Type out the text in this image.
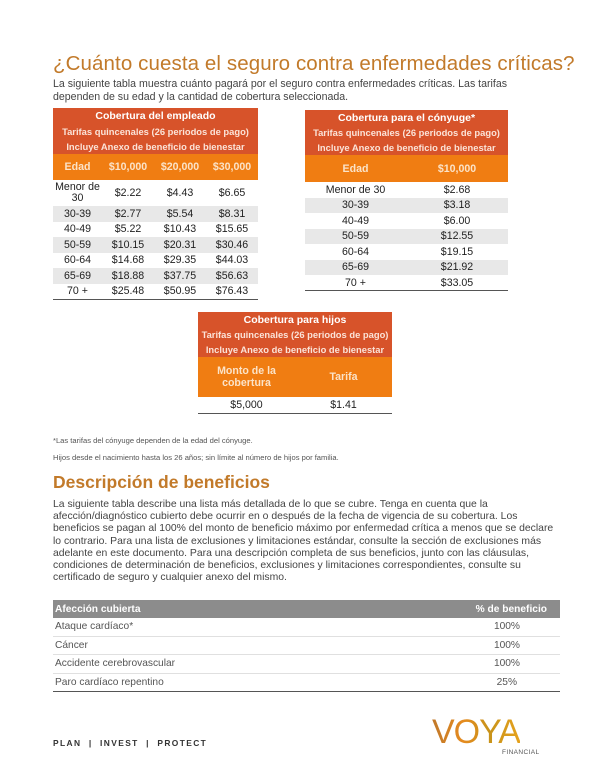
¿Cuánto cuesta el seguro contra enfermedades críticas?

La siguiente tabla muestra cuánto pagará por el seguro contra enfermedades críticas. Las tarifas dependen de su edad y la cantidad de cobertura seleccionada.

Cobertura del empleado
Tarifas quincenales (26 periodos de pago)
Incluye Anexo de beneficio de bienestar
Edad	$10,000	$20,000	$30,000
Menor de 30	$2.22	$4.43	$6.65
30-39	$2.77	$5.54	$8.31
40-49	$5.22	$10.43	$15.65
50-59	$10.15	$20.31	$30.46
60-64	$14.68	$29.35	$44.03
65-69	$18.88	$37.75	$56.63
70 +	$25.48	$50.95	$76.43
Cobertura para el cónyuge*
Tarifas quincenales (26 periodos de pago)
Incluye Anexo de beneficio de bienestar
Edad	$10,000
Menor de 30	$2.68
30-39	$3.18
40-49	$6.00
50-59	$12.55
60-64	$19.15
65-69	$21.92
70 +	$33.05
Cobertura para hijos
Tarifas quincenales (26 periodos de pago)
Incluye Anexo de beneficio de bienestar
Monto de la cobertura	Tarifa
$5,000	$1.41

*Las tarifas del cónyuge dependen de la edad del cónyuge.

Hijos desde el nacimiento hasta los 26 años; sin límite al número de hijos por familia.

Descripción de beneficios

La siguiente tabla describe una lista más detallada de lo que se cubre. Tenga en cuenta que la afección/diagnóstico cubierto debe ocurrir en o después de la fecha de vigencia de su cobertura. Los beneficios se pagan al 100% del monto de beneficio máximo por enfermedad crítica a menos que se declare lo contrario. Para una lista de exclusiones y limitaciones estándar, consulte la sección de exclusiones más adelante en este documento. Para una descripción completa de sus beneficios, junto con las cláusulas, condiciones de determinación de beneficios, exclusiones y limitaciones correspondientes, consulte su certificado de seguro y cualquier anexo del mismo.

Afección cubierta	% de beneficio
Ataque cardíaco*	100%
Cáncer	100%
Accidente cerebrovascular	100%
Paro cardíaco repentino	25%
PLAN  |  INVEST  |  PROTECT	VOYA
FINANCIAL
